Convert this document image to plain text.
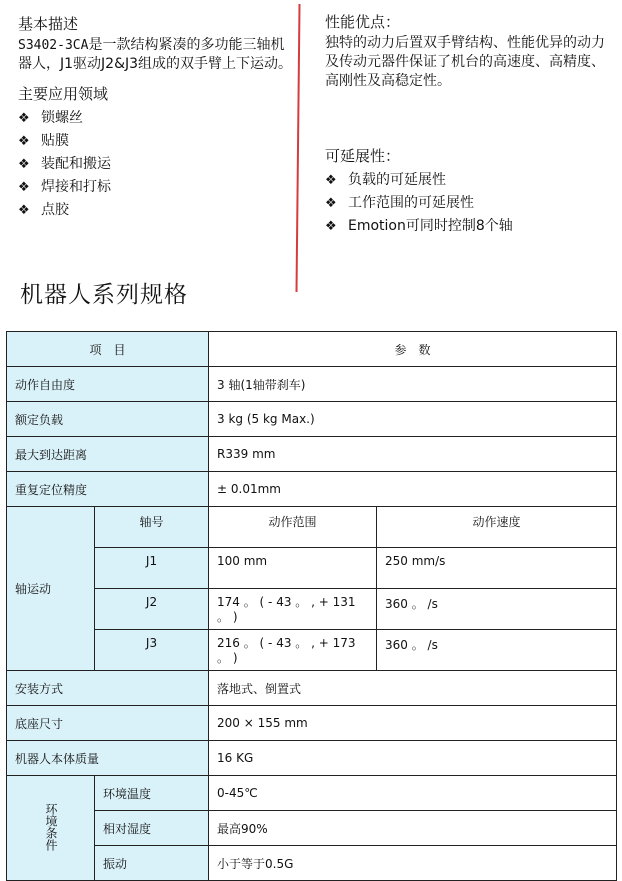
基本描述

S3402-3CA是一款结构紧凑的多功能三轴机器人，J1驱动J2&J3组成的双手臂上下运动。

主要应用领域

❖ 锁螺丝
❖ 贴膜
❖ 装配和搬运
❖ 焊接和打标
❖ 点胶

性能优点：

独特的动力后置双手臂结构、性能优异的动力及传动元器件保证了机台的高速度、高精度、高刚性及高稳定性。

可延展性：

❖ 负载的可延展性
❖ 工作范围的可延展性
❖ Emotion可同时控制8个轴
机器人系列规格
项　目		参　数	
动作自由度		3 轴(1轴带刹车)	
额定负载		3 kg (5 kg Max.)	
最大到达距离		R339 mm	
重复定位精度		± 0.01mm	
轴运动	轴号	动作范围	动作速度
	J1	100 mm	250 mm/s
	J2	174 。 ( - 43 。 , + 131 。 )	360 。 /s
	J3	216 。 ( - 43 。 , + 173 。 )	360 。 /s
安装方式		落地式、倒置式	
底座尺寸		200 × 155 mm	
机器人本体质量		16 KG	
环境条件	环境温度	0-45℃	
	相对湿度	最高90%	
	振动	小于等于0.5G	
